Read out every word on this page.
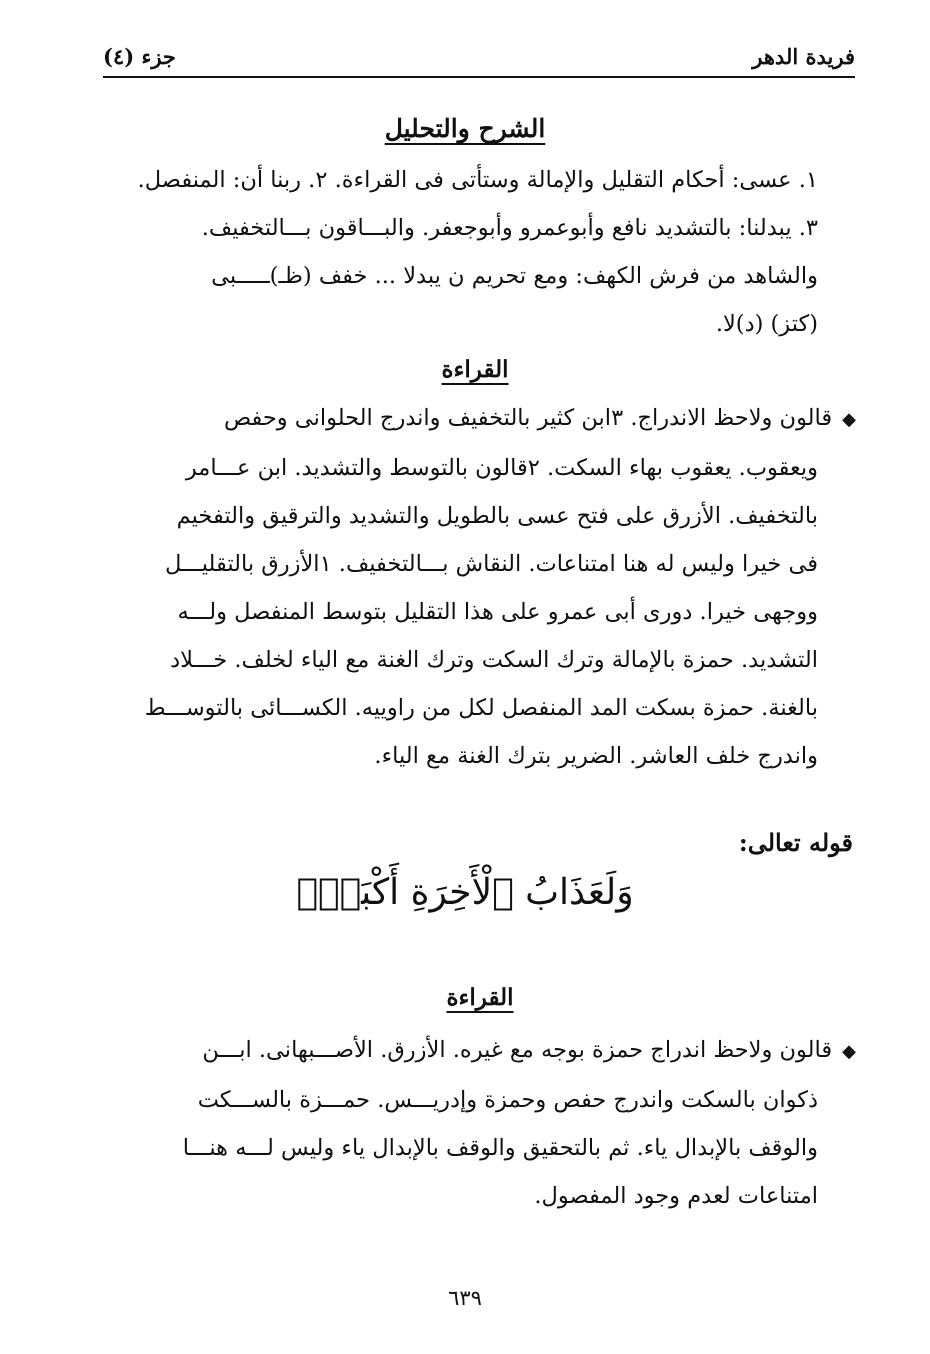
فريدة الدهر
جزء (٤)
الشرح والتحليل
١. عسى: أحكام التقليل والإمالة وستأتى فى القراءة. ٢. ربنا أن: المنفصل.
٣. يبدلنا: بالتشديد نافع وأبوعمرو وأبوجعفر. والبـــاقون بـــالتخفيف.
والشاهد من فرش الكهف: ومع تحريم ن يبدلا ... خفف (ظـ)ـــــبى
(كتز) (د)لا.
القراءة
◆قالون ولاحظ الاندراج. ٣ابن كثير بالتخفيف واندرج الحلوانى وحفص
ويعقوب. يعقوب بهاء السكت. ٢قالون بالتوسط والتشديد. ابن عـــامر
بالتخفيف. الأزرق على فتح عسى بالطويل والتشديد والترقيق والتفخيم
فى خيرا وليس له هنا امتناعات. النقاش بـــالتخفيف. ١الأزرق بالتقليـــل
ووجهى خيرا. دورى أبى عمرو على هذا التقليل بتوسط المنفصل ولـــه
التشديد. حمزة بالإمالة وترك السكت وترك الغنة مع الياء لخلف. خـــلاد
بالغنة. حمزة بسكت المد المنفصل لكل من راوييه. الكســـائى بالتوســـط
واندرج خلف العاشر. الضرير بترك الغنة مع الياء.
قوله تعالى:
وَلَعَذَابُ ٱلْأَخِرَةِ أَكْبَرُۚ
القراءة
◆قالون ولاحظ اندراج حمزة بوجه مع غيره. الأزرق. الأصـــبهانى. ابـــن
ذكوان بالسكت واندرج حفص وحمزة وإدريـــس. حمـــزة بالســـكت
والوقف بالإبدال ياء. ثم بالتحقيق والوقف بالإبدال ياء وليس لـــه هنـــا
امتناعات لعدم وجود المفصول.
٦٣٩
